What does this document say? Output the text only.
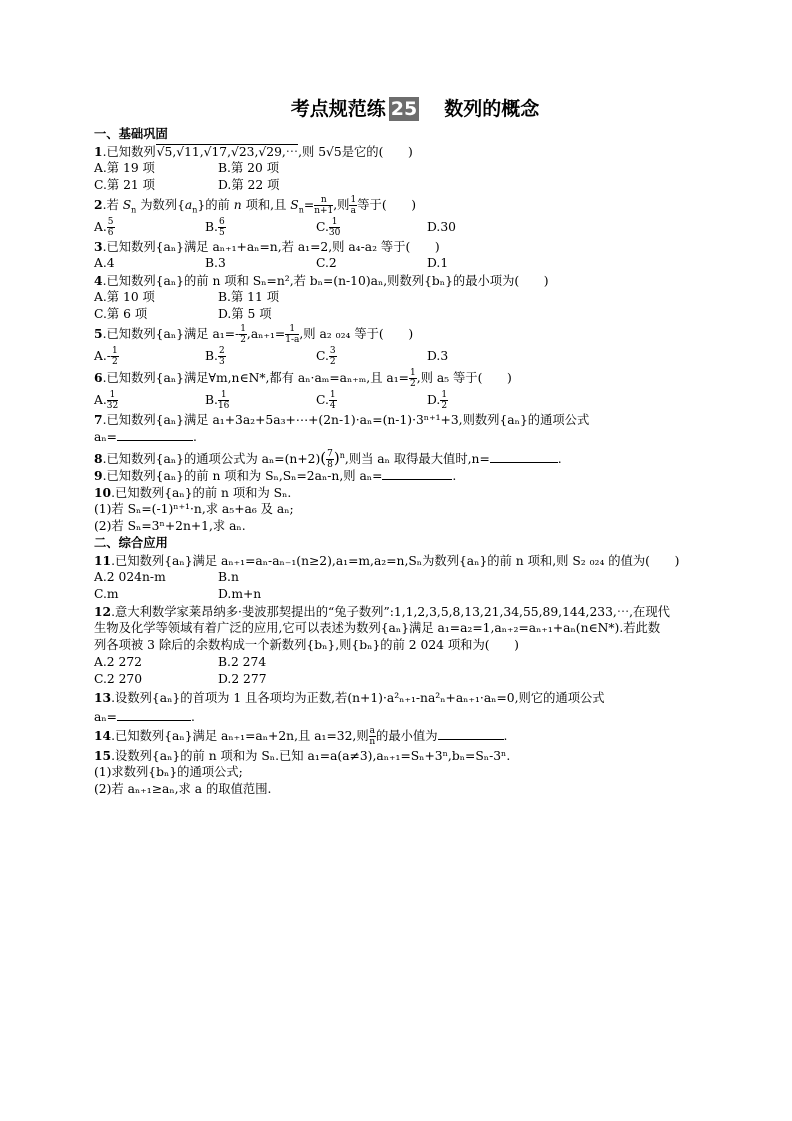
考点规范练 25 数列的概念
一、基础巩固
1.已知数列√5,√11,√17,√23,√29,⋯,则 5√5是它的(　　)
A.第 19 项	B.第 20 项
C.第 21 项	D.第 22 项
2.若 $S_n$ 为数列$\{a_n\}$的前 n 项和,且 $S_n= \frac{n}{n+1}$ ,则 $\frac{1}{a}$ 等于(　　)
A. $\frac{5}{6}$	B. $\frac{6}{5}$	C. $\frac{1}{30}$	D.30
3.已知数列{aₙ}满足 aₙ₊₁+aₙ=n,若 a₁=2,则 a₄-a₂ 等于(　　)
A.4	B.3	C.2	D.1
4.已知数列{aₙ}的前 n 项和 Sₙ=n²,若 bₙ=(n-10)aₙ,则数列{bₙ}的最小项为(　　)
A.第 10 项	B.第 11 项
C.第 6 项	D.第 5 项
5.已知数列{aₙ}满足 $a_1=- \frac{1}{2} ,a_{n+1}= \frac{1}{1-a}$ ,则 a₂ ₀₂₄ 等于(　　)
$A.- \frac{1}{2}$	B. $\frac{2}{3}$	C. $\frac{3}{2}$	D.3
6.已知数列{aₙ}满足∀m,n∈N*,都有 aₙ·aₘ=aₙ₊ₘ,且 $a_1= \frac{1}{2}$ ,则 a₅ 等于(　　)
A. $\frac{1}{32}$	B. $\frac{1}{16}$	C. $\frac{1}{4}$	D. $\frac{1}{2}$
7.已知数列{aₙ}满足 a₁+3a₂+5a₃+⋯+(2n-1)·aₙ=(n-1)·3ⁿ⁺¹+3,则数列{aₙ}的通项公式
aₙ=	.
8.已知数列{aₙ}的通项公式为 $a_n=(n+2)( \frac{7}{8} )^n$,则当 aₙ 取得最大值时,n=	.
9.已知数列{aₙ}的前 n 项和为 Sₙ,Sₙ=2aₙ-n,则 aₙ=	.
10.已知数列{aₙ}的前 n 项和为 Sₙ.
(1)若 Sₙ=(-1)ⁿ⁺¹·n,求 a₅+a₆ 及 aₙ;
(2)若 Sₙ=3ⁿ+2n+1,求 aₙ.
二、综合应用
11.已知数列{aₙ}满足 aₙ₊₁=aₙ-aₙ₋₁(n≥2),a₁=m,a₂=n,Sₙ为数列{aₙ}的前 n 项和,则 S₂ ₀₂₄ 的值为(　　)
A.2 024n-m	B.n
C.m	D.m+n
12.意大利数学家莱昂纳多·斐波那契提出的“兔子数列”:1,1,2,3,5,8,13,21,34,55,89,144,233,⋯,在现代
生物及化学等领域有着广泛的应用,它可以表述为数列{aₙ}满足 a₁=a₂=1,aₙ₊₂=aₙ₊₁+aₙ(n∈N*).若此数
列各项被 3 除后的余数构成一个新数列{bₙ},则{bₙ}的前 2 024 项和为(　　)
A.2 272	B.2 274
C.2 270	D.2 277
13.设数列{aₙ}的首项为 1 且各项均为正数,若(n+1)·a²ₙ₊₁-na²ₙ+aₙ₊₁·aₙ=0,则它的通项公式
aₙ=	.
14.已知数列{aₙ}满足 aₙ₊₁=aₙ+2n,且 a₁=32,则 $\frac{a}{n}$ 的最小值为	.
15.设数列{aₙ}的前 n 项和为 Sₙ.已知 a₁=a(a≠3),aₙ₊₁=Sₙ+3ⁿ,bₙ=Sₙ-3ⁿ.
(1)求数列{bₙ}的通项公式;
(2)若 aₙ₊₁≥aₙ,求 a 的取值范围.
